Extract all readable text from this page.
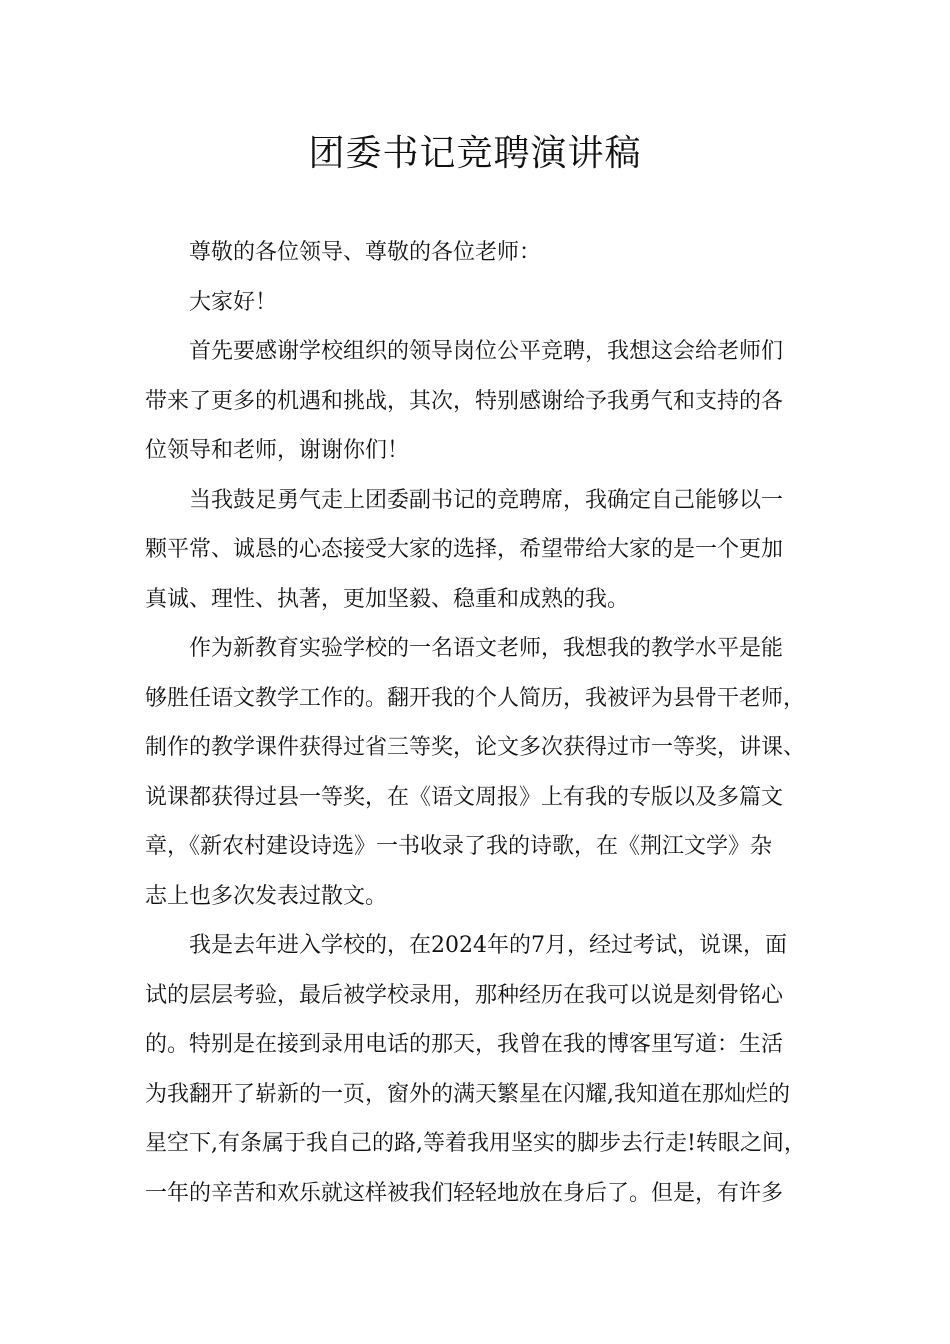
团委书记竞聘演讲稿

尊敬的各位领导、尊敬的各位老师：

大家好！

首先要感谢学校组织的领导岗位公平竞聘，我想这会给老师们

带来了更多的机遇和挑战，其次，特别感谢给予我勇气和支持的各

位领导和老师，谢谢你们！

当我鼓足勇气走上团委副书记的竞聘席，我确定自己能够以一

颗平常、诚恳的心态接受大家的选择，希望带给大家的是一个更加

真诚、理性、执著，更加坚毅、稳重和成熟的我。

作为新教育实验学校的一名语文老师，我想我的教学水平是能

够胜任语文教学工作的。翻开我的个人简历，我被评为县骨干老师，

制作的教学课件获得过省三等奖，论文多次获得过市一等奖，讲课、

说课都获得过县一等奖，在《语文周报》上有我的专版以及多篇文

章，《新农村建设诗选》一书收录了我的诗歌，在《荆江文学》杂

志上也多次发表过散文。

我是去年进入学校的，在2024年的7月，经过考试，说课，面

试的层层考验，最后被学校录用，那种经历在我可以说是刻骨铭心

的。特别是在接到录用电话的那天，我曾在我的博客里写道：生活

为我翻开了崭新的一页，窗外的满天繁星在闪耀,我知道在那灿烂的

星空下,有条属于我自己的路,等着我用坚实的脚步去行走!转眼之间，

一年的辛苦和欢乐就这样被我们轻轻地放在身后了。但是，有许多
